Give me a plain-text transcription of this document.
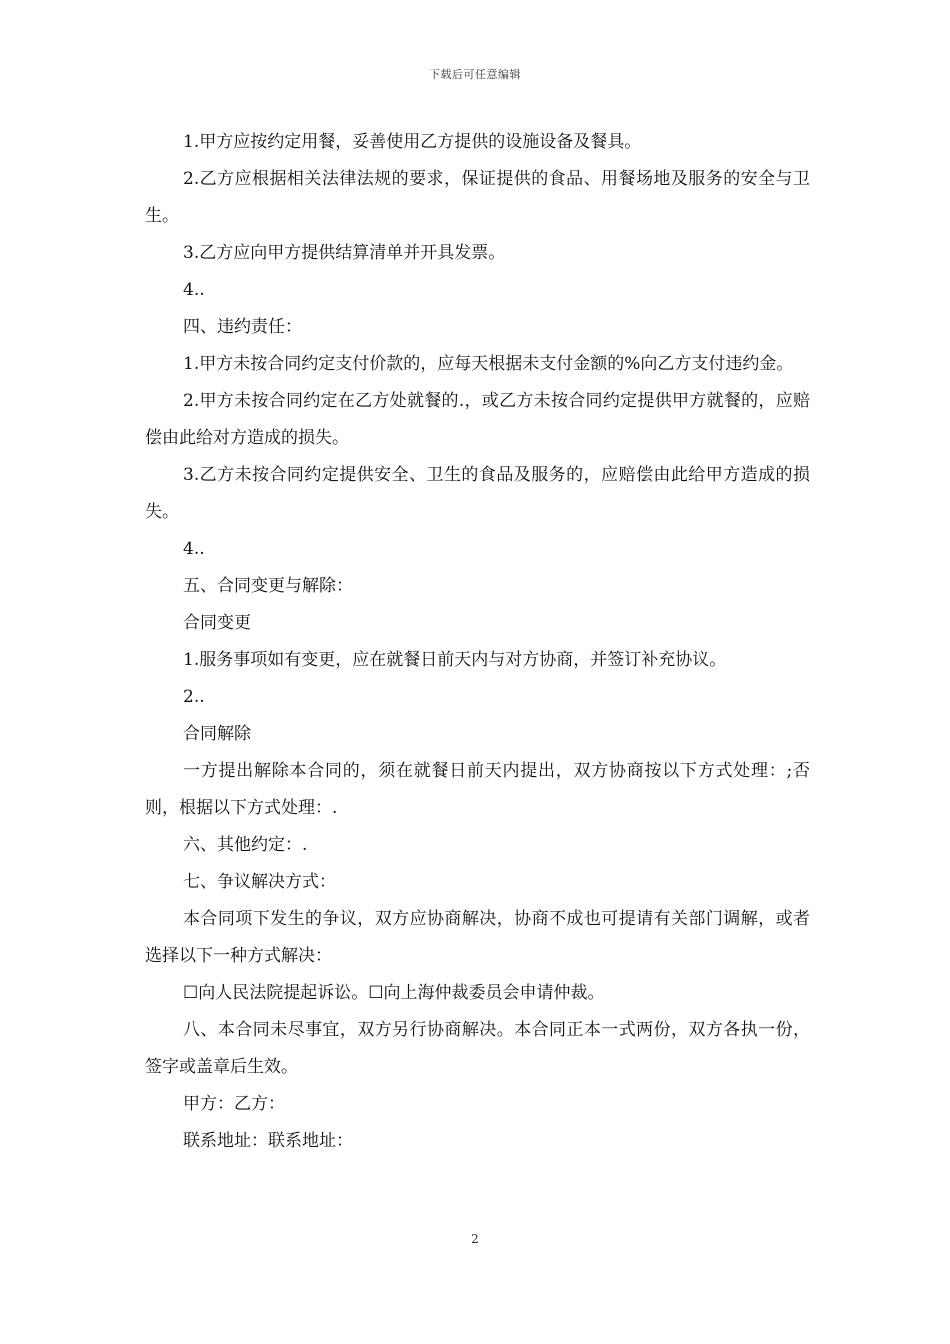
下载后可任意编辑

1.甲方应按约定用餐，妥善使用乙方提供的设施设备及餐具。

2.乙方应根据相关法律法规的要求，保证提供的食品、用餐场地及服务的安全与卫生。

3.乙方应向甲方提供结算清单并开具发票。

4..

四、违约责任：

1.甲方未按合同约定支付价款的，应每天根据未支付金额的%向乙方支付违约金。

2.甲方未按合同约定在乙方处就餐的.，或乙方未按合同约定提供甲方就餐的，应赔偿由此给对方造成的损失。

3.乙方未按合同约定提供安全、卫生的食品及服务的，应赔偿由此给甲方造成的损失。

4..

五、合同变更与解除：

合同变更

1.服务事项如有变更，应在就餐日前天内与对方协商，并签订补充协议。

2..

合同解除

一方提出解除本合同的，须在就餐日前天内提出，双方协商按以下方式处理：;否则，根据以下方式处理：.

六、其他约定：.

七、争议解决方式：

本合同项下发生的争议，双方应协商解决，协商不成也可提请有关部门调解，或者选择以下一种方式解决：

☐向人民法院提起诉讼。☐向上海仲裁委员会申请仲裁。

八、本合同未尽事宜，双方另行协商解决。本合同正本一式两份，双方各执一份，签字或盖章后生效。

甲方：乙方：

联系地址：联系地址：

2
